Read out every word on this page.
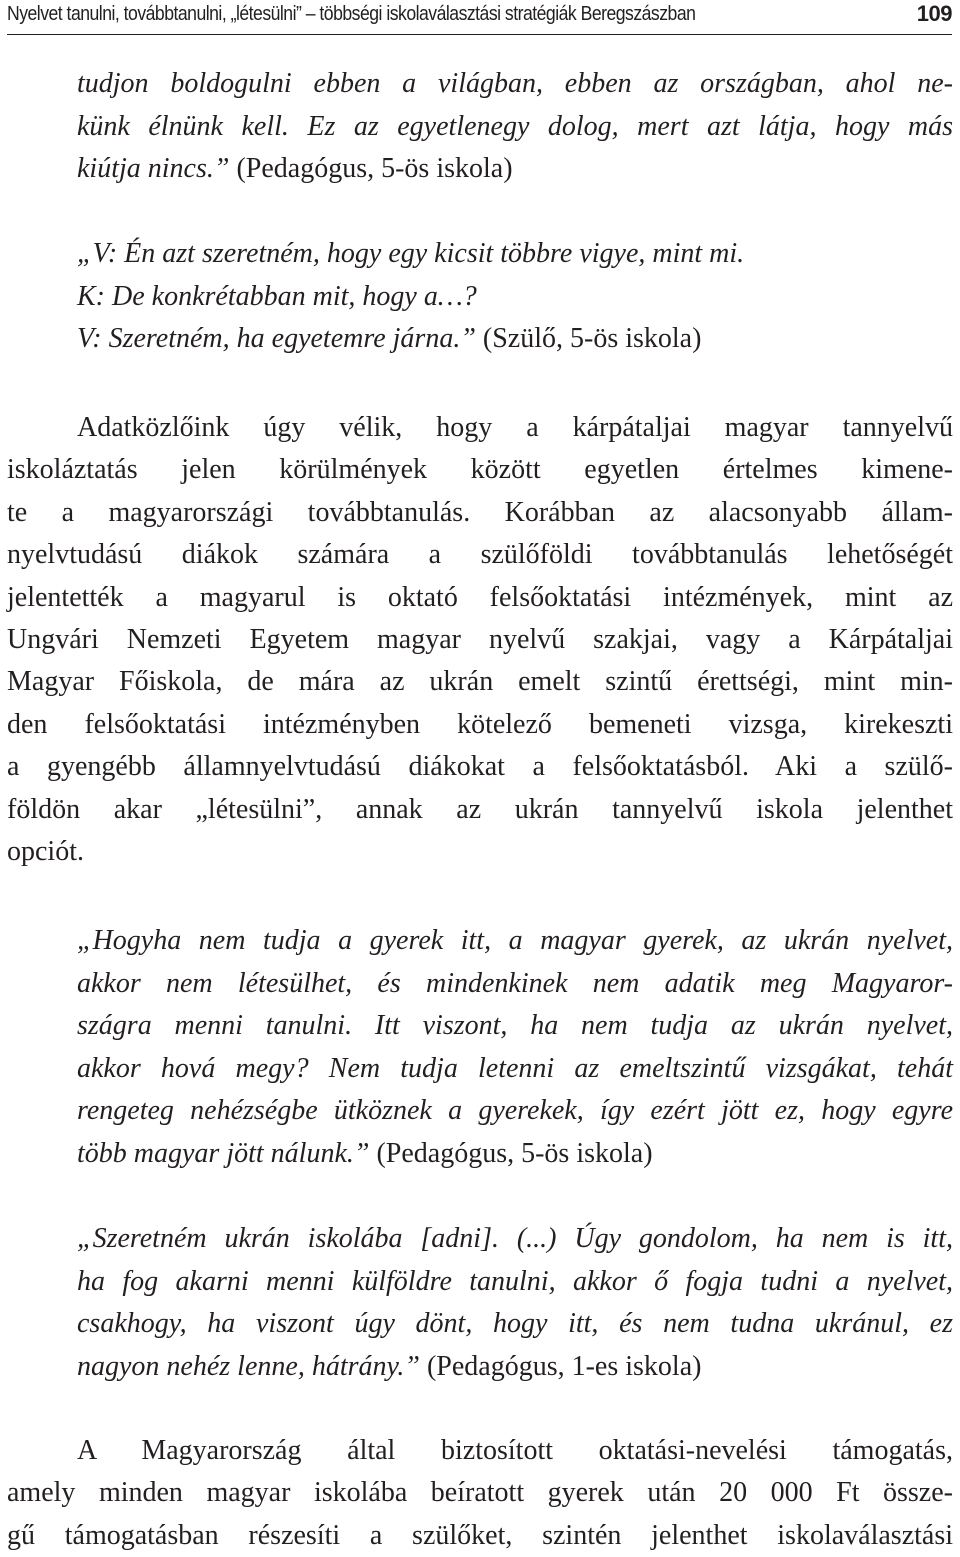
Nyelvet tanulni, továbbtanulni, „létesülni” – többségi iskolaválasztási stratégiák Beregszászban	109
tudjon boldogulni ebben a világban, ebben az országban, ahol ne-
künk élnünk kell. Ez az egyetlenegy dolog, mert azt látja, hogy más
kiútja nincs.” (Pedagógus, 5-ös iskola)
„V: Én azt szeretném, hogy egy kicsit többre vigye, mint mi.
K: De konkrétabban mit, hogy a…?
V: Szeretném, ha egyetemre járna.” (Szülő, 5-ös iskola)
Adatközlőink úgy vélik, hogy a kárpátaljai magyar tannyelvű
iskoláztatás jelen körülmények között egyetlen értelmes kimene-
te a magyarországi továbbtanulás. Korábban az alacsonyabb állam-
nyelvtudású diákok számára a szülőföldi továbbtanulás lehetőségét
jelentették a magyarul is oktató felsőoktatási intézmények, mint az
Ungvári Nemzeti Egyetem magyar nyelvű szakjai, vagy a Kárpátaljai
Magyar Főiskola, de mára az ukrán emelt szintű érettségi, mint min-
den felsőoktatási intézményben kötelező bemeneti vizsga, kirekeszti
a gyengébb államnyelvtudású diákokat a felsőoktatásból. Aki a szülő-
földön akar „létesülni”, annak az ukrán tannyelvű iskola jelenthet
opciót.
„Hogyha nem tudja a gyerek itt, a magyar gyerek, az ukrán nyelvet,
akkor nem létesülhet, és mindenkinek nem adatik meg Magyaror-
szágra menni tanulni. Itt viszont, ha nem tudja az ukrán nyelvet,
akkor hová megy? Nem tudja letenni az emeltszintű vizsgákat, tehát
rengeteg nehézségbe ütköznek a gyerekek, így ezért jött ez, hogy egyre
több magyar jött nálunk.” (Pedagógus, 5-ös iskola)
„Szeretném ukrán iskolába [adni]. (...) Úgy gondolom, ha nem is itt,
ha fog akarni menni külföldre tanulni, akkor ő fogja tudni a nyelvet,
csakhogy, ha viszont úgy dönt, hogy itt, és nem tudna ukránul, ez
nagyon nehéz lenne, hátrány.” (Pedagógus, 1-es iskola)
A Magyarország által biztosított oktatási-nevelési támogatás,
amely minden magyar iskolába beíratott gyerek után 20 000 Ft össze-
gű támogatásban részesíti a szülőket, szintén jelenthet iskolaválasztási
